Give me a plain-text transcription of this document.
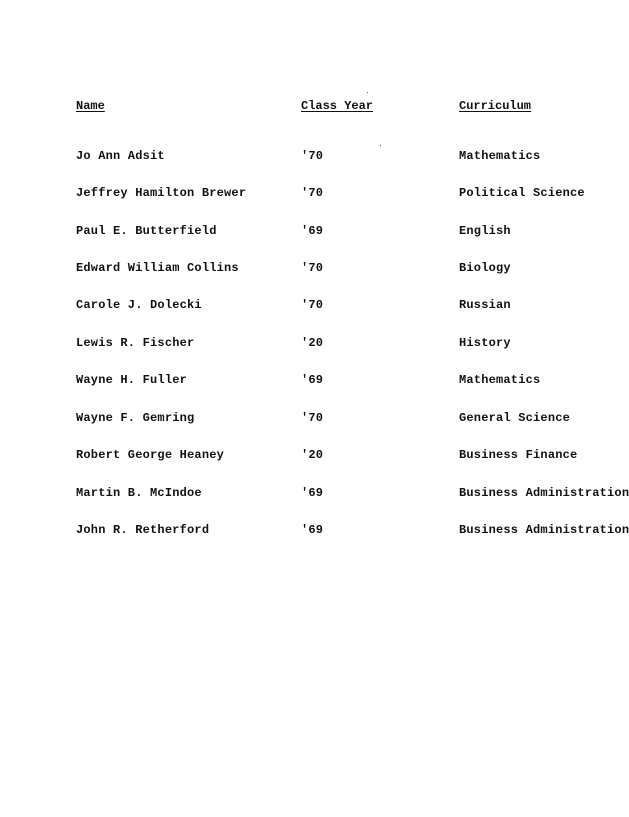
Name	Class Year	Curriculum
Jo Ann Adsit	'70	Mathematics
Jeffrey Hamilton Brewer	'70	Political Science
Paul E. Butterfield	'69	English
Edward William Collins	'70	Biology
Carole J. Dolecki	'70	Russian
Lewis R. Fischer	'20	History
Wayne H. Fuller	'69	Mathematics
Wayne F. Gemring	'70	General Science
Robert George Heaney	'20	Business Finance
Martin B. McIndoe	'69	Business Administration
John R. Retherford	'69	Business Administration
